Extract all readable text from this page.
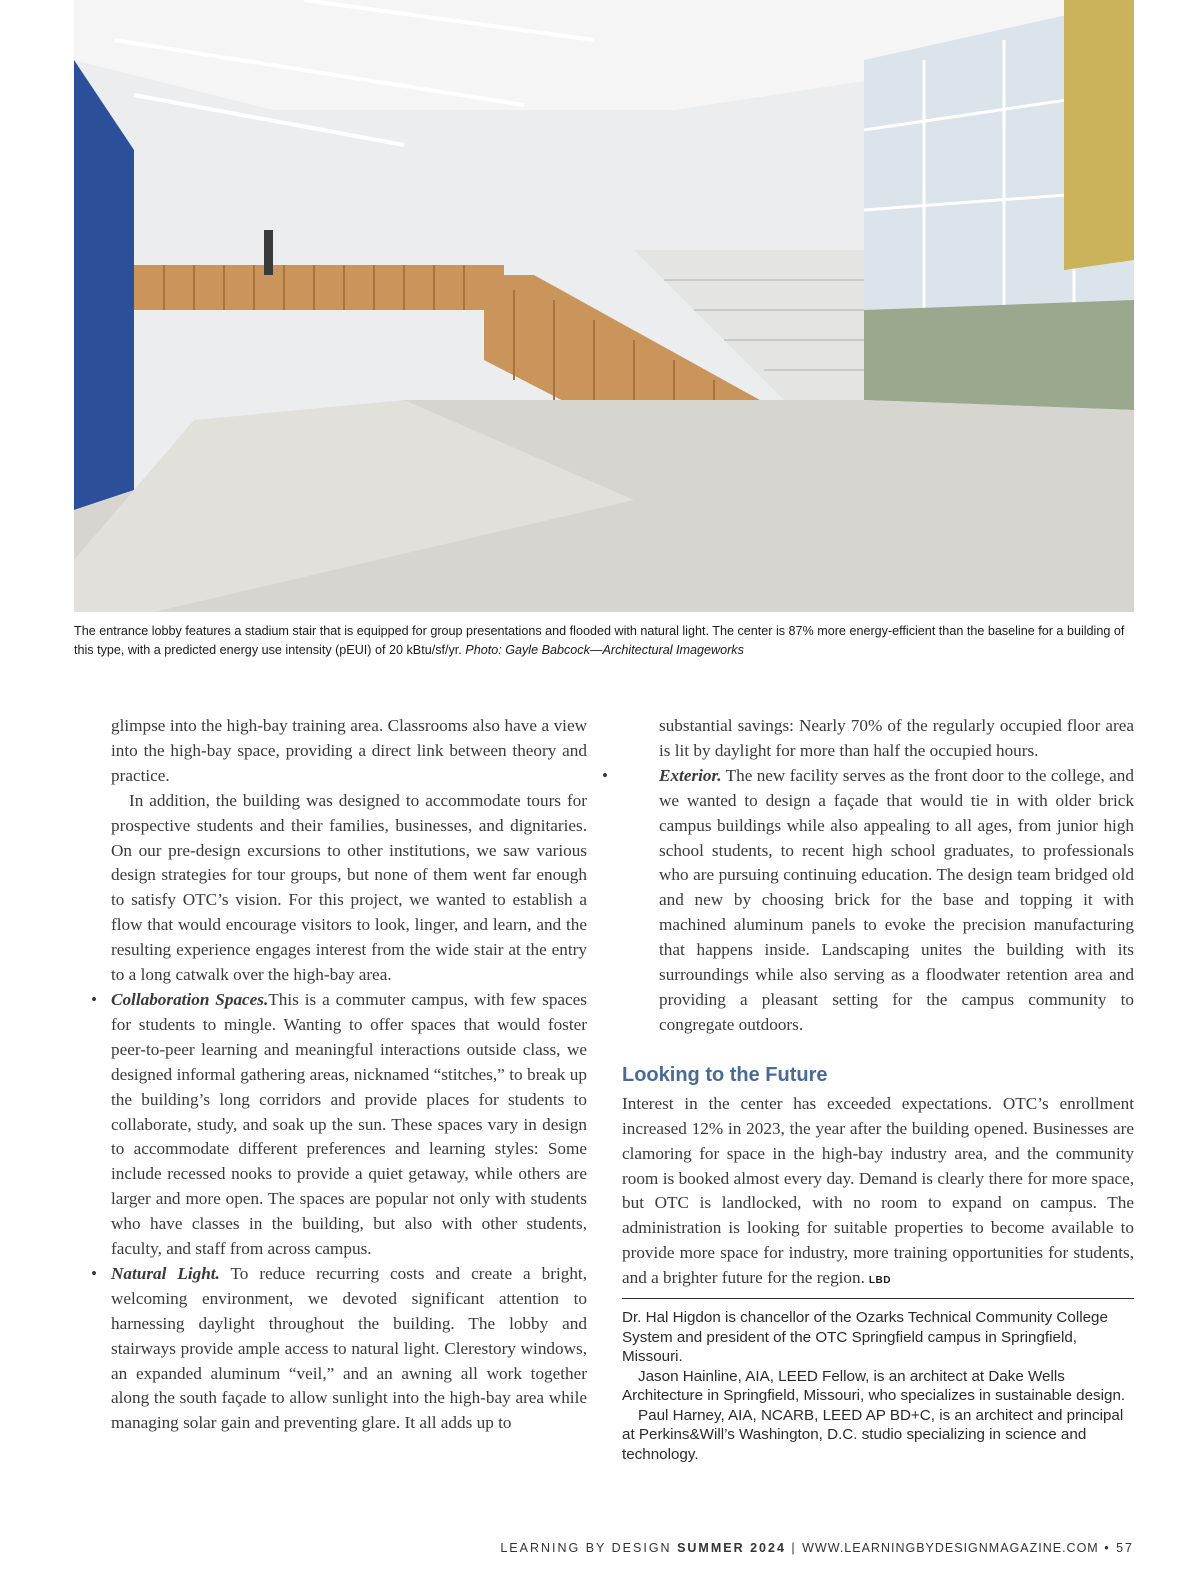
The entrance lobby features a stadium stair that is equipped for group presentations and flooded with natural light. The center is 87% more energy-efficient than the baseline for a building of this type, with a predicted energy use intensity (pEUI) of 20 kBtu/sf/yr. Photo: Gayle Babcock—Architectural Imageworks

glimpse into the high-bay training area. Classrooms also have a view into the high-bay space, providing a direct link between theory and practice.

In addition, the building was designed to accommodate tours for prospective students and their families, businesses, and dignitaries. On our pre-design excursions to other institutions, we saw various design strategies for tour groups, but none of them went far enough to satisfy OTC’s vision. For this project, we wanted to establish a flow that would encourage visitors to look, linger, and learn, and the resulting experience engages interest from the wide stair at the entry to a long catwalk over the high-bay area.

• Collaboration Spaces.This is a commuter campus, with few spaces for students to mingle. Wanting to offer spaces that would foster peer-to-peer learning and meaningful interactions outside class, we designed informal gathering areas, nicknamed “stitches,” to break up the building’s long corridors and provide places for students to collaborate, study, and soak up the sun. These spaces vary in design to accommodate different preferences and learning styles: Some include recessed nooks to provide a quiet getaway, while others are larger and more open. The spaces are popular not only with students who have classes in the building, but also with other students, faculty, and staff from across campus.

• Natural Light. To reduce recurring costs and create a bright, welcoming environment, we devoted significant attention to harnessing daylight throughout the building. The lobby and stairways provide ample access to natural light. Clerestory windows, an expanded aluminum “veil,” and an awning all work together along the south façade to allow sunlight into the high-bay area while managing solar gain and preventing glare. It all adds up to

substantial savings: Nearly 70% of the regularly occupied floor area is lit by daylight for more than half the occupied hours.

•	Exterior. The new facility serves as the front door to the college, and we wanted to design a façade that would tie in with older brick campus buildings while also appealing to all ages, from junior high school students, to recent high school graduates, to professionals who are pursuing continuing education. The design team bridged old and new by choosing brick for the base and topping it with machined aluminum panels to evoke the precision manufacturing that happens inside. Landscaping unites the building with its surroundings while also serving as a floodwater retention area and providing a pleasant setting for the campus community to congregate outdoors.

Looking to the Future

Interest in the center has exceeded expectations. OTC’s enrollment increased 12% in 2023, the year after the building opened. Businesses are clamoring for space in the high-bay industry area, and the community room is booked almost every day. Demand is clearly there for more space, but OTC is landlocked, with no room to expand on campus. The administration is looking for suitable properties to become available to provide more space for industry, more training opportunities for students, and a brighter future for the region. LBD

Dr. Hal Higdon is chancellor of the Ozarks Technical Community College System and president of the OTC Springfield campus in Springfield, Missouri.

Jason Hainline, AIA, LEED Fellow, is an architect at Dake Wells Architecture in Springfield, Missouri, who specializes in sustainable design.

Paul Harney, AIA, NCARB, LEED AP BD+C, is an architect and principal at Perkins&Will’s Washington, D.C. studio specializing in science and technology.

LEARNING BY DESIGN SUMMER 2024 | WWW.LEARNINGBYDESIGNMAGAZINE.COM • 57
